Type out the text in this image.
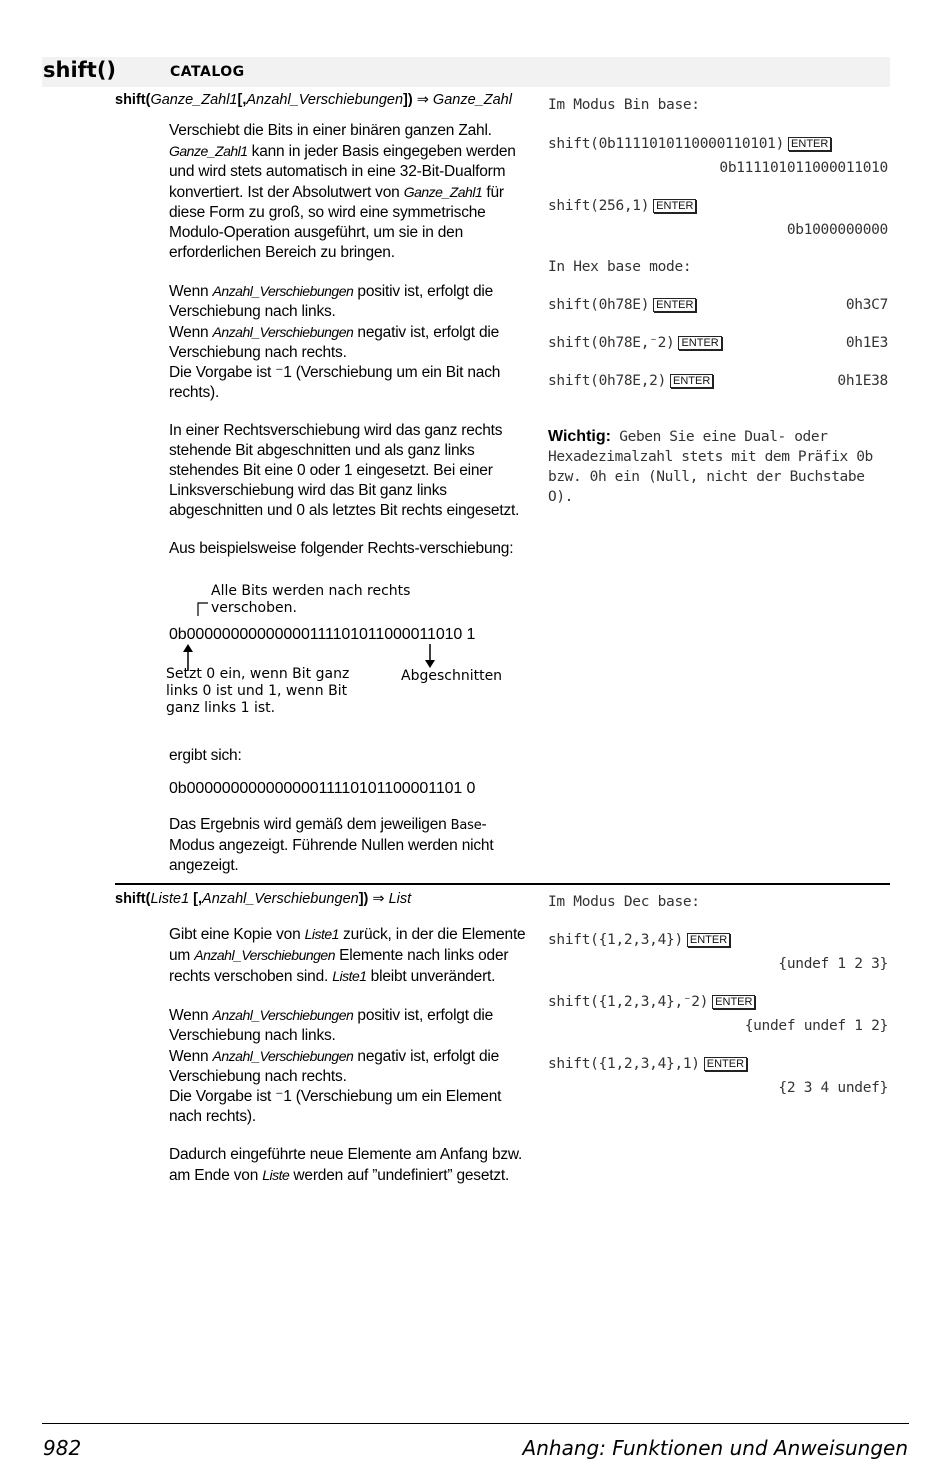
shift()	CATALOG
shift(Ganze_Zahl1[,Anzahl_Verschiebungen]) ⇒ Ganze_Zahl

Verschiebt die Bits in einer binären ganzen Zahl. Ganze_Zahl1 kann in jeder Basis eingegeben werden und wird stets automatisch in eine 32-Bit-Dualform konvertiert. Ist der Absolutwert von Ganze_Zahl1 für diese Form zu groß, so wird eine symmetrische Modulo-Operation ausgeführt, um sie in den erforderlichen Bereich zu bringen.

Wenn Anzahl_Verschiebungen positiv ist, erfolgt die Verschiebung nach links.
Wenn Anzahl_Verschiebungen negativ ist, erfolgt die Verschiebung nach rechts.
Die Vorgabe ist ⁻1 (Verschiebung um ein Bit nach rechts).

In einer Rechtsverschiebung wird das ganz rechts stehende Bit abgeschnitten und als ganz links stehendes Bit eine 0 oder 1 eingesetzt. Bei einer Linksverschiebung wird das Bit ganz links abgeschnitten und 0 als letztes Bit rechts eingesetzt.

Aus beispielsweise folgender Rechts-verschiebung:

Alle Bits werden nach rechts
verschoben.
0b00000000000000111101011000011010 1
Setzt 0 ein, wenn Bit ganz
links 0 ist und 1, wenn Bit
ganz links 1 ist.
Abgeschnitten
ergibt sich:
0b00000000000000011110101100001101 0
Das Ergebnis wird gemäß dem jeweiligen Base-Modus angezeigt. Führende Nullen werden nicht angezeigt.
Im Modus Bin base:
shift(0b1111010110000110101) ENTER
0b111101011000011010
shift(256,1) ENTER
0b1000000000
In Hex base mode:
shift(0h78E) ENTER	0h3C7
shift(0h78E,⁻2) ENTER	0h1E3
shift(0h78E,2) ENTER	0h1E38
Wichtig: Geben Sie eine Dual- oder Hexadezimalzahl stets mit dem Präfix 0b bzw. 0h ein (Null, nicht der Buchstabe O).
shift(Liste1 [,Anzahl_Verschiebungen]) ⇒ List

Gibt eine Kopie von Liste1 zurück, in der die Elemente um Anzahl_Verschiebungen Elemente nach links oder rechts verschoben sind. Liste1 bleibt unverändert.

Wenn Anzahl_Verschiebungen positiv ist, erfolgt die Verschiebung nach links.
Wenn Anzahl_Verschiebungen negativ ist, erfolgt die Verschiebung nach rechts.
Die Vorgabe ist ⁻1 (Verschiebung um ein Element nach rechts).

Dadurch eingeführte neue Elemente am Anfang bzw. am Ende von Liste werden auf ”undefiniert” gesetzt.

Im Modus Dec base:
shift({1,2,3,4}) ENTER
{undef 1 2 3}
shift({1,2,3,4},⁻2) ENTER
{undef undef 1 2}
shift({1,2,3,4},1) ENTER
{2 3 4 undef}
982	Anhang: Funktionen und Anweisungen
